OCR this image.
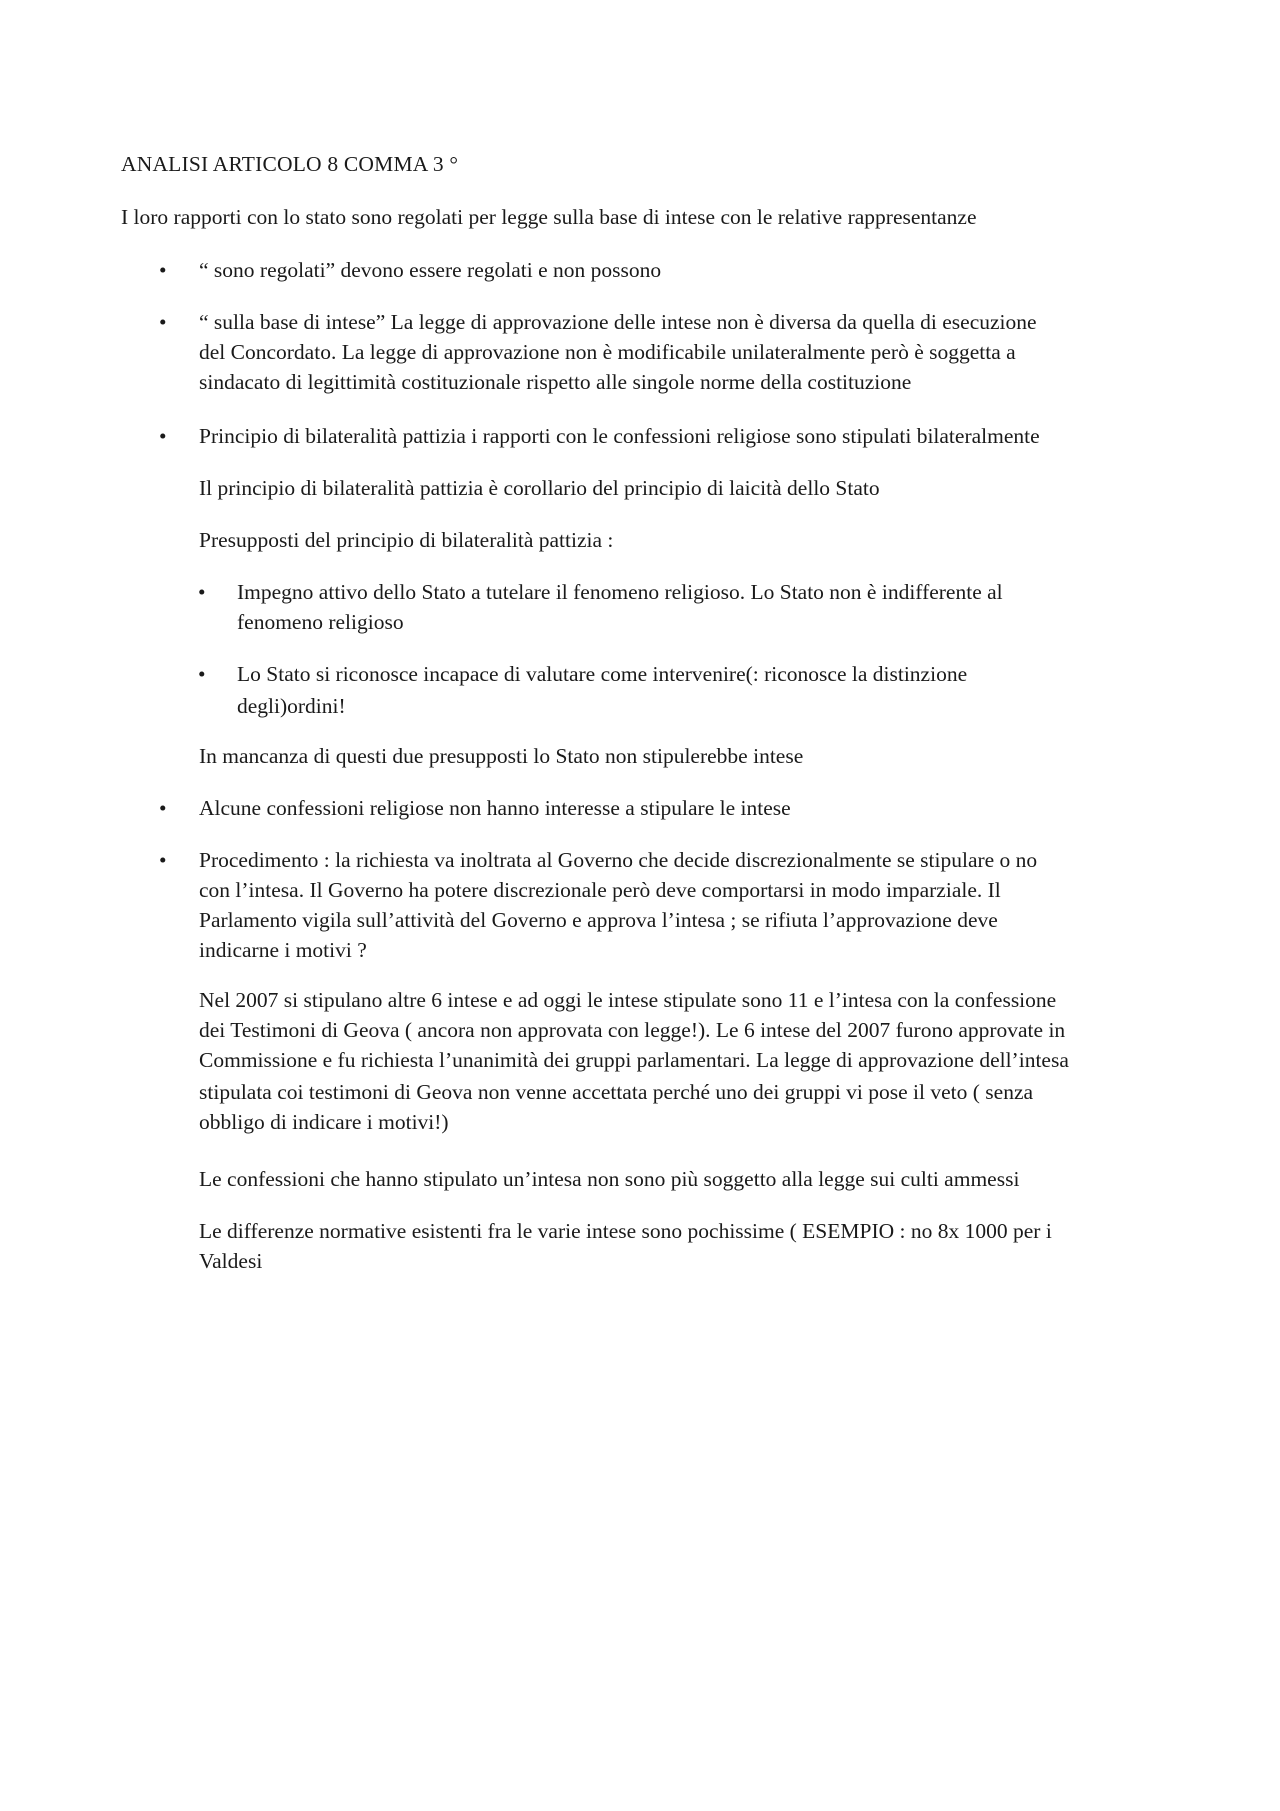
ANALISI ARTICOLO 8 COMMA 3 °

I loro rapporti con lo stato sono regolati per legge sulla base di intese con le relative rappresentanze

• “ sono regolati” devono essere regolati e non possono

• “ sulla base di intese” La legge di approvazione delle intese non è diversa da quella di esecuzione
del Concordato. La legge di approvazione non è modificabile unilateralmente però è soggetta a
sindacato di legittimità costituzionale rispetto alle singole norme della costituzione
• Principio di bilateralità pattizia i rapporti con le confessioni religiose sono stipulati bilateralmente

Il principio di bilateralità pattizia è corollario del principio di laicità dello Stato

Presupposti del principio di bilateralità pattizia :

• Impegno attivo dello Stato a tutelare il fenomeno religioso. Lo Stato non è indifferente al
fenomeno religioso
• Lo Stato si riconosce incapace di valutare come intervenire(: riconosce la distinzione
degli)ordini!

In mancanza di questi due presupposti lo Stato non stipulerebbe intese

• Alcune confessioni religiose non hanno interesse a stipulare le intese

• Procedimento : la richiesta va inoltrata al Governo che decide discrezionalmente se stipulare o no
con l’intesa. Il Governo ha potere discrezionale però deve comportarsi in modo imparziale. Il
Parlamento vigila sull’attività del Governo e approva l’intesa ; se rifiuta l’approvazione deve
indicarne i motivi ?
Nel 2007 si stipulano altre 6 intese e ad oggi le intese stipulate sono 11 e l’intesa con la confessione
dei Testimoni di Geova ( ancora non approvata con legge!). Le 6 intese del 2007 furono approvate in
Commissione e fu richiesta l’unanimità dei gruppi parlamentari. La legge di approvazione dell’intesa
stipulata coi testimoni di Geova non venne accettata perché uno dei gruppi vi pose il veto ( senza
obbligo di indicare i motivi!)

Le confessioni che hanno stipulato un’intesa non sono più soggetto alla legge sui culti ammessi

Le differenze normative esistenti fra le varie intese sono pochissime ( ESEMPIO : no 8x 1000 per i
Valdesi
